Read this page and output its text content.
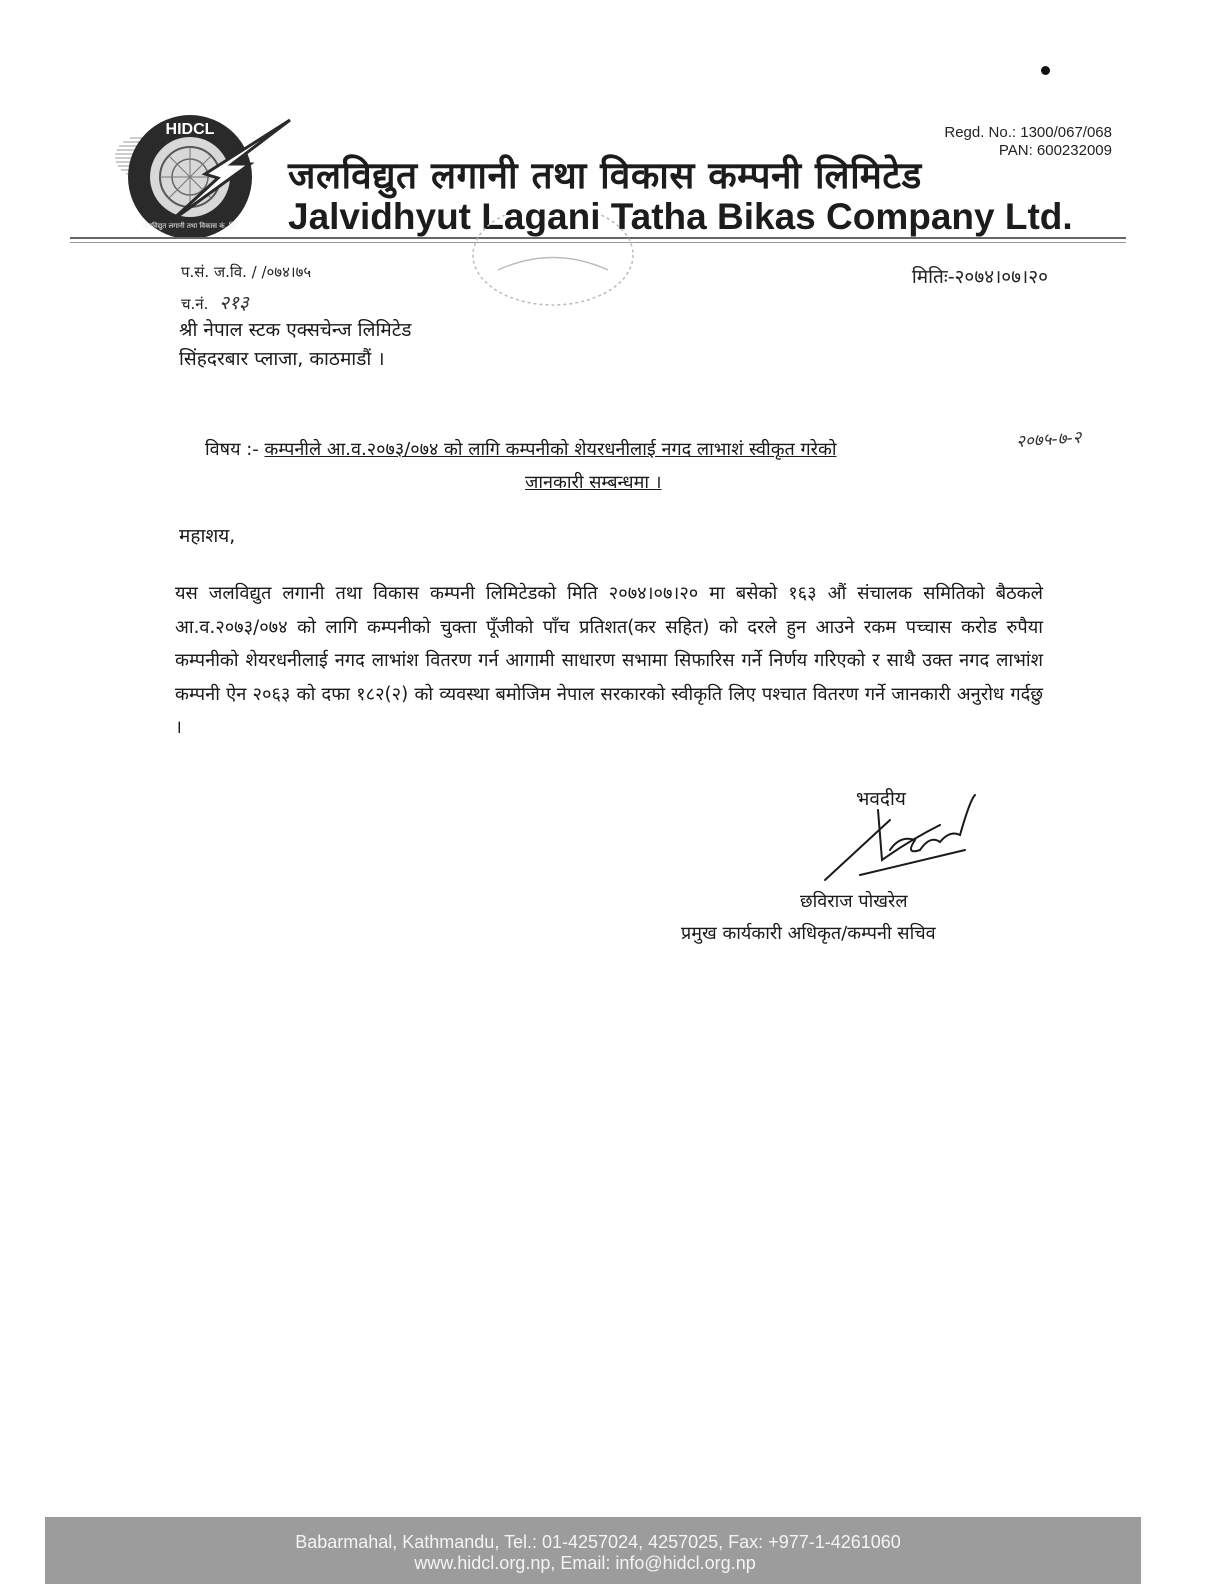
HIDCL
जलविद्युत लगानी तथा विकास कं. लि.
Regd. No.: 1300/067/068
PAN: 600232009
जलविद्युत लगानी तथा विकास कम्पनी लिमिटेड
Jalvidhyut Lagani Tatha Bikas Company Ltd.
प.सं. ज.वि. / /०७४।७५
च.नं. २१३
मितिः-२०७४।०७।२०
श्री नेपाल स्टक एक्सचेन्ज लिमिटेड
सिंहदरबार प्लाजा, काठमाडौं ।
विषय :- कम्पनीले आ.व.२०७३/०७४ को लागि कम्पनीको शेयरधनीलाई नगद लाभाशं स्वीकृत गरेको
जानकारी सम्बन्धमा ।
२०७५-७-२
महाशय,
यस जलविद्युत लगानी तथा विकास कम्पनी लिमिटेडको मिति २०७४।०७।२० मा बसेको १६३ औं संचालक समितिको बैठकले आ.व.२०७३/०७४ को लागि कम्पनीको चुक्ता पूँजीको पाँच प्रतिशत(कर सहित) को दरले हुन आउने रकम पच्चास करोड रुपैया कम्पनीको शेयरधनीलाई नगद लाभांश वितरण गर्न आगामी साधारण सभामा सिफारिस गर्ने निर्णय गरिएको र साथै उक्त नगद लाभांश कम्पनी ऐन २०६३ को दफा १८२(२) को व्यवस्था बमोजिम नेपाल सरकारको स्वीकृति लिए पश्चात वितरण गर्ने जानकारी अनुरोध गर्दछु ।
भवदीय
छविराज पोखरेल
प्रमुख कार्यकारी अधिकृत/कम्पनी सचिव
Babarmahal, Kathmandu, Tel.: 01-4257024, 4257025, Fax: +977-1-4261060
www.hidcl.org.np, Email: info@hidcl.org.np
